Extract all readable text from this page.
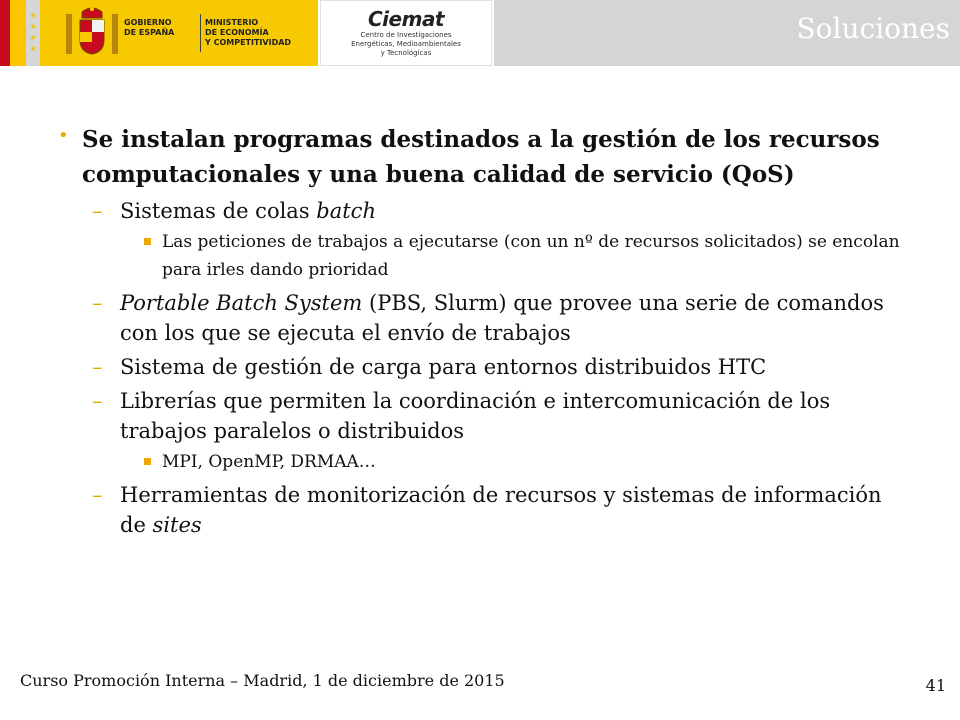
★
★
★
★
GOBIERNO
DE ESPAÑA
MINISTERIO
DE ECONOMÍA
Y COMPETITIVIDAD
Ciemat
Centro de Investigaciones
Energéticas, Medioambientales
y Tecnológicas
Soluciones
• Se instalan programas destinados a la gestión de los recursos computacionales y una buena calidad de servicio (QoS)
– Sistemas de colas batch
Las peticiones de trabajos a ejecutarse (con un nº de recursos solicitados) se encolan para irles dando prioridad
– Portable Batch System (PBS, Slurm) que provee una serie de comandos con los que se ejecuta el envío de trabajos
– Sistema de gestión de carga para entornos distribuidos HTC
– Librerías que permiten la coordinación e intercomunicación de los trabajos paralelos o distribuidos
MPI, OpenMP, DRMAA…
– Herramientas de monitorización de recursos y sistemas de información de sites
Curso Promoción Interna – Madrid, 1 de diciembre de 2015	41
